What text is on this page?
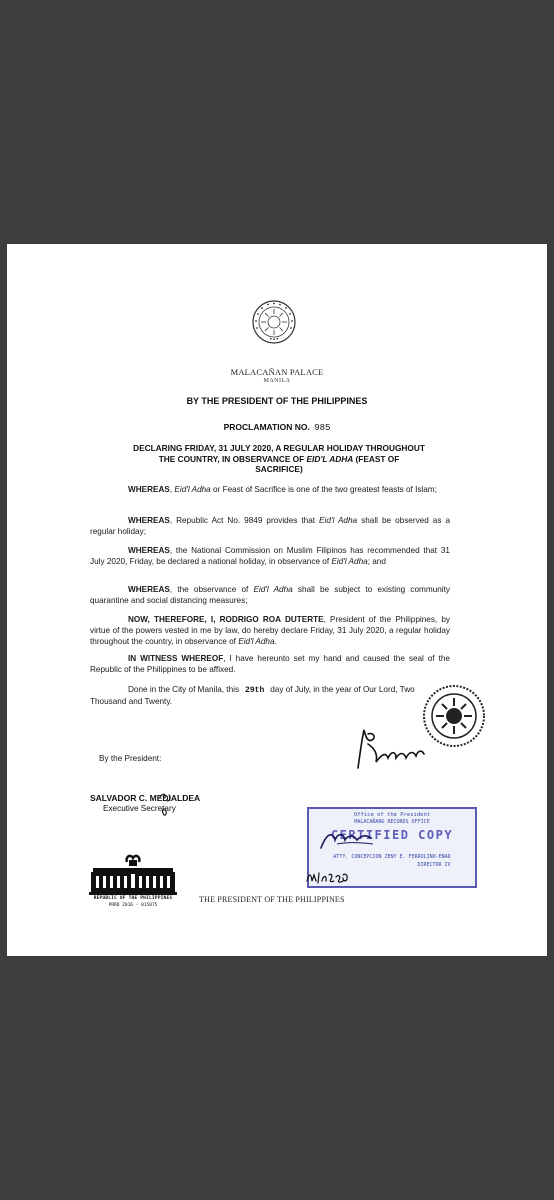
MALACAÑAN PALACE
MANILA
BY THE PRESIDENT OF THE PHILIPPINES
PROCLAMATION NO. 985
DECLARING FRIDAY, 31 JULY 2020, A REGULAR HOLIDAY THROUGHOUT
THE COUNTRY, IN OBSERVANCE OF EID'L ADHA (FEAST OF
SACRIFICE)
WHEREAS, Eid'l Adha or Feast of Sacrifice is one of the two greatest feasts of Islam;
WHEREAS, Republic Act No. 9849 provides that Eid'l Adha shall be observed as a regular holiday;
WHEREAS, the National Commission on Muslim Filipinos has recommended that 31 July 2020, Friday, be declared a national holiday, in observance of Eid'l Adha; and
WHEREAS, the observance of Eid'l Adha shall be subject to existing community quarantine and social distancing measures;
NOW, THEREFORE, I, RODRIGO ROA DUTERTE, President of the Philippines, by virtue of the powers vested in me by law, do hereby declare Friday, 31 July 2020, a regular holiday throughout the country, in observance of Eid'l Adha.
IN WITNESS WHEREOF, I have hereunto set my hand and caused the seal of the Republic of the Philippines to be affixed.
Done in the City of Manila, this 29th day of July, in the year of Our Lord, Two Thousand and Twenty.
By the President:
SALVADOR C. MEDIALDEA
Executive Secretary
REPUBLIC OF THE PHILIPPINES
PRRD 2016 - 015075
THE PRESIDENT OF THE PHILIPPINES
Office of the President
MALACAÑANG RECORDS OFFICE
CERTIFIED COPY
ATTY. CONCEPCION ZENY E. FERROLINO-ENAD
DIRECTOR IV
